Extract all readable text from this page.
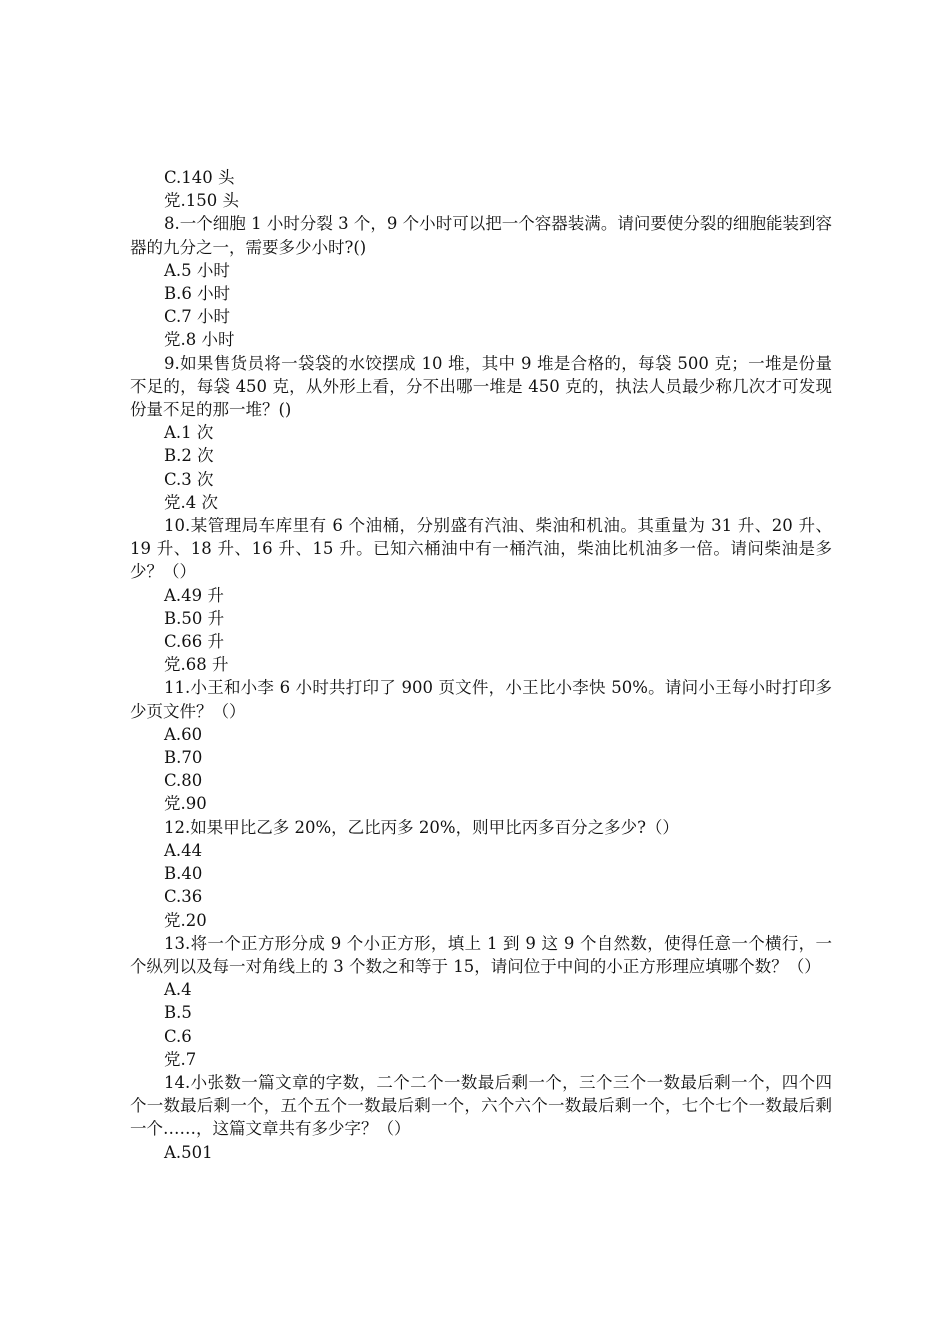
C.140 头

党.150 头

8.一个细胞 1 小时分裂 3 个，9 个小时可以把一个容器装满。请问要使分裂的细胞能装到容器的九分之一，需要多少小时?()

A.5 小时

B.6 小时

C.7 小时

党.8 小时

9.如果售货员将一袋袋的水饺摆成 10 堆，其中 9 堆是合格的，每袋 500 克；一堆是份量不足的，每袋 450 克，从外形上看，分不出哪一堆是 450 克的，执法人员最少称几次才可发现份量不足的那一堆？()

A.1 次

B.2 次

C.3 次

党.4 次

10.某管理局车库里有 6 个油桶，分别盛有汽油、柴油和机油。其重量为 31 升、20 升、19 升、18 升、16 升、15 升。已知六桶油中有一桶汽油，柴油比机油多一倍。请问柴油是多少？（）

A.49 升

B.50 升

C.66 升

党.68 升

11.小王和小李 6 小时共打印了 900 页文件，小王比小李快 50%。请问小王每小时打印多少页文件？（）

A.60

B.70

C.80

党.90

12.如果甲比乙多 20%，乙比丙多 20%，则甲比丙多百分之多少?（）

A.44

B.40

C.36

党.20

13.将一个正方形分成 9 个小正方形，填上 1 到 9 这 9 个自然数，使得任意一个横行，一个纵列以及每一对角线上的 3 个数之和等于 15，请问位于中间的小正方形理应填哪个数？（）

A.4

B.5

C.6

党.7

14.小张数一篇文章的字数，二个二个一数最后剩一个，三个三个一数最后剩一个，四个四个一数最后剩一个，五个五个一数最后剩一个，六个六个一数最后剩一个，七个七个一数最后剩一个……，这篇文章共有多少字？（）

A.501
